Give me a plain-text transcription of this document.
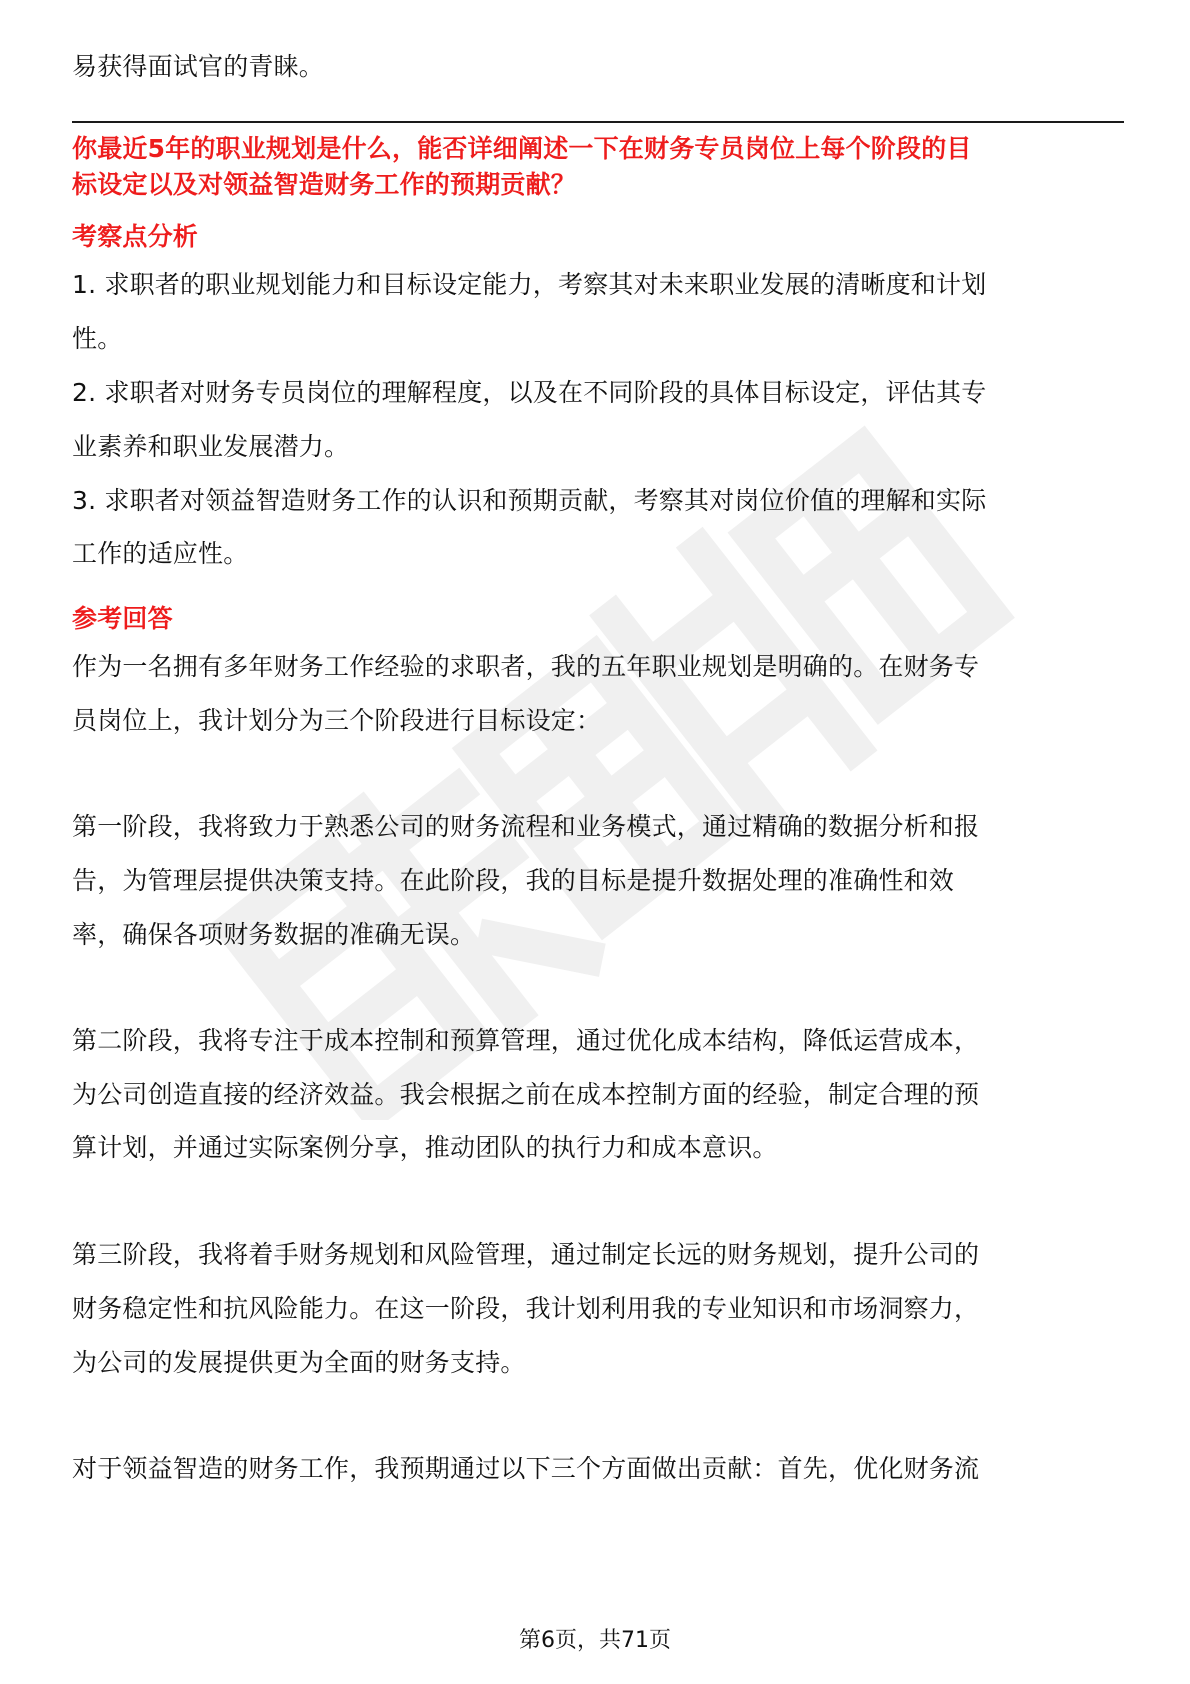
易获得面试官的青睐。
你最近5年的职业规划是什么，能否详细阐述一下在财务专员岗位上每个阶段的目
标设定以及对领益智造财务工作的预期贡献？
考察点分析
1. 求职者的职业规划能力和目标设定能力，考察其对未来职业发展的清晰度和计划
性。
2. 求职者对财务专员岗位的理解程度，以及在不同阶段的具体目标设定，评估其专
业素养和职业发展潜力。
3. 求职者对领益智造财务工作的认识和预期贡献，考察其对岗位价值的理解和实际
工作的适应性。
参考回答
作为一名拥有多年财务工作经验的求职者，我的五年职业规划是明确的。在财务专
员岗位上，我计划分为三个阶段进行目标设定：
第一阶段，我将致力于熟悉公司的财务流程和业务模式，通过精确的数据分析和报
告，为管理层提供决策支持。在此阶段，我的目标是提升数据处理的准确性和效
率，确保各项财务数据的准确无误。
第二阶段，我将专注于成本控制和预算管理，通过优化成本结构，降低运营成本，
为公司创造直接的经济效益。我会根据之前在成本控制方面的经验，制定合理的预
算计划，并通过实际案例分享，推动团队的执行力和成本意识。
第三阶段，我将着手财务规划和风险管理，通过制定长远的财务规划，提升公司的
财务稳定性和抗风险能力。在这一阶段，我计划利用我的专业知识和市场洞察力，
为公司的发展提供更为全面的财务支持。
对于领益智造的财务工作，我预期通过以下三个方面做出贡献：首先，优化财务流
第6页，共71页
